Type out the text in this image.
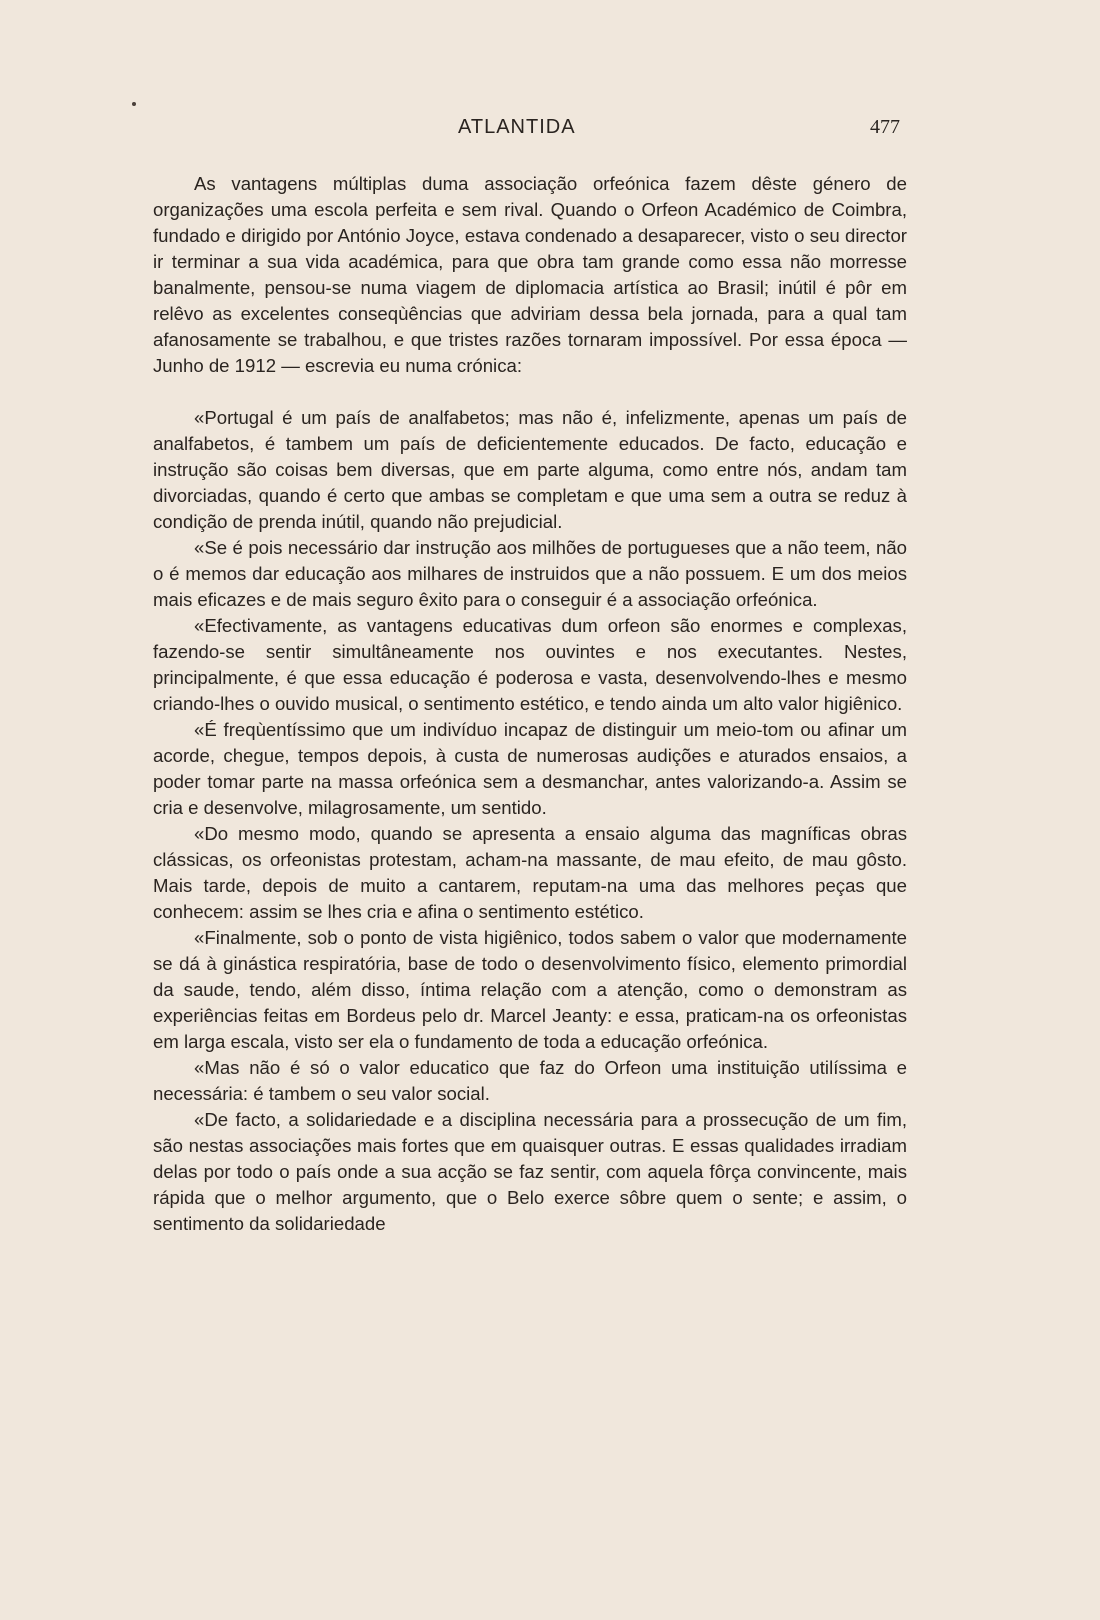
ATLANTIDA	477

As vantagens múltiplas duma associação orfeónica fazem dêste género de organizações uma escola perfeita e sem rival. Quando o Orfeon Académico de Coimbra, fundado e dirigido por António Joyce, estava condenado a desaparecer, visto o seu director ir terminar a sua vida académica, para que obra tam grande como essa não morresse banalmente, pensou-se numa viagem de diplomacia artística ao Brasil; inútil é pôr em relêvo as excelentes conseqùências que adviriam dessa bela jornada, para a qual tam afanosamente se trabalhou, e que tristes razões tornaram impossível. Por essa época — Junho de 1912 — escrevia eu numa crónica:

«Portugal é um país de analfabetos; mas não é, infelizmente, apenas um país de analfabetos, é tambem um país de deficientemente educados. De facto, educação e instrução são coisas bem diversas, que em parte alguma, como entre nós, andam tam divorciadas, quando é certo que ambas se completam e que uma sem a outra se reduz à condição de prenda inútil, quando não prejudicial.

«Se é pois necessário dar instrução aos milhões de portugueses que a não teem, não o é memos dar educação aos milhares de instruidos que a não possuem. E um dos meios mais eficazes e de mais seguro êxito para o conseguir é a associação orfeónica.

«Efectivamente, as vantagens educativas dum orfeon são enormes e complexas, fazendo-se sentir simultâneamente nos ouvintes e nos executantes. Nestes, principalmente, é que essa educação é poderosa e vasta, desenvolvendo-lhes e mesmo criando-lhes o ouvido musical, o sentimento estético, e tendo ainda um alto valor higiênico.

«É freqùentíssimo que um indivíduo incapaz de distinguir um meio-tom ou afinar um acorde, chegue, tempos depois, à custa de numerosas audições e aturados ensaios, a poder tomar parte na massa orfeónica sem a desmanchar, antes valorizando-a. Assim se cria e desenvolve, milagrosamente, um sentido.

«Do mesmo modo, quando se apresenta a ensaio alguma das magníficas obras clássicas, os orfeonistas protestam, acham-na massante, de mau efeito, de mau gôsto. Mais tarde, depois de muito a cantarem, reputam-na uma das melhores peças que conhecem: assim se lhes cria e afina o sentimento estético.

«Finalmente, sob o ponto de vista higiênico, todos sabem o valor que modernamente se dá à ginástica respiratória, base de todo o desenvolvimento físico, elemento primordial da saude, tendo, além disso, íntima relação com a atenção, como o demonstram as experiências feitas em Bordeus pelo dr. Marcel Jeanty: e essa, praticam-na os orfeonistas em larga escala, visto ser ela o fundamento de toda a educação orfeónica.

«Mas não é só o valor educatico que faz do Orfeon uma instituição utilíssima e necessária: é tambem o seu valor social.

«De facto, a solidariedade e a disciplina necessária para a prossecução de um fim, são nestas associações mais fortes que em quaisquer outras. E essas qualidades irradiam delas por todo o país onde a sua acção se faz sentir, com aquela fôrça convincente, mais rápida que o melhor argumento, que o Belo exerce sôbre quem o sente; e assim, o sentimento da solidariedade
